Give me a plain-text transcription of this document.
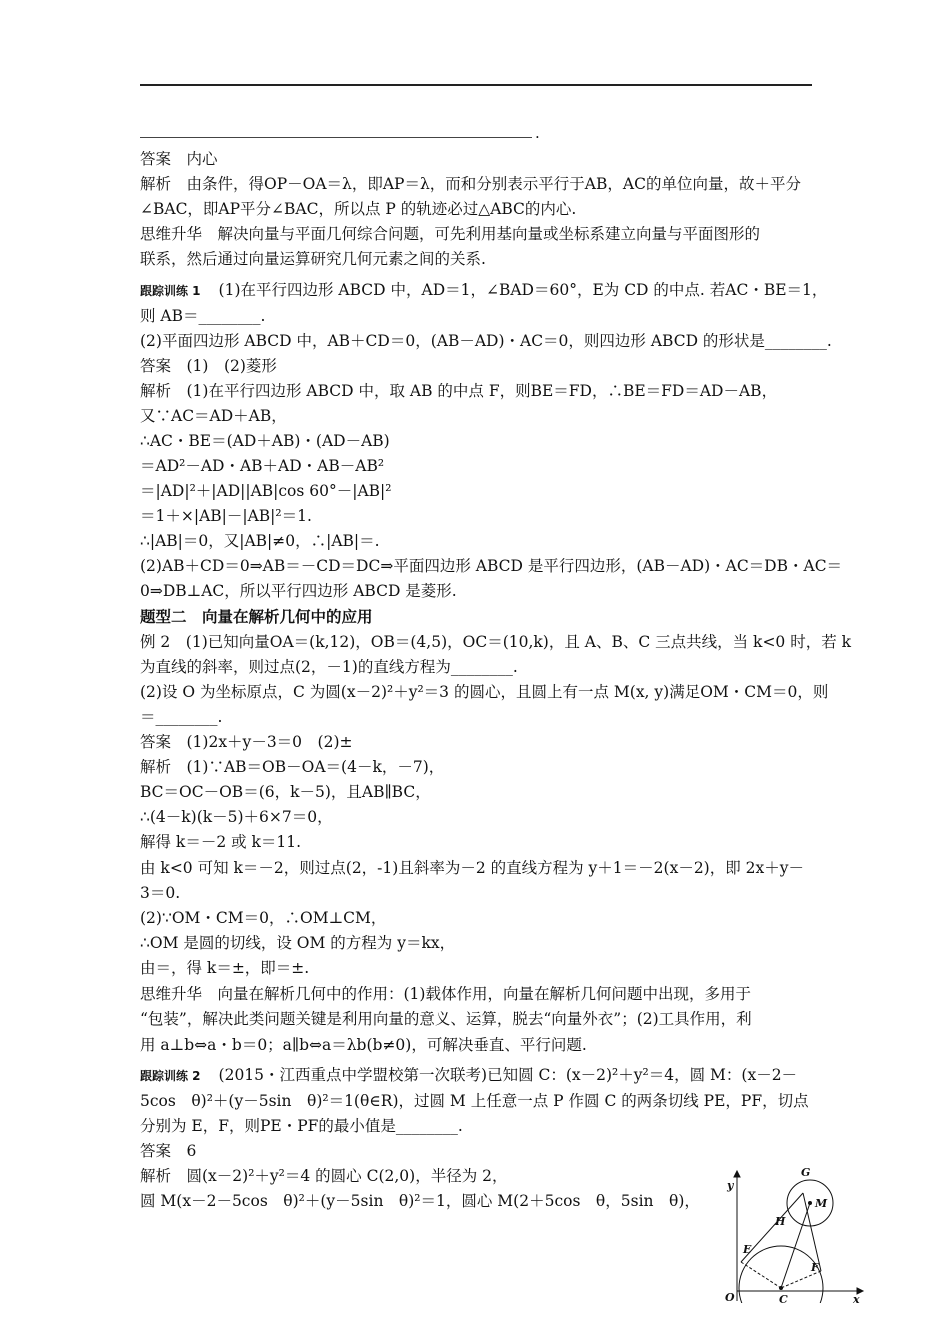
.
答案　内心
解析　由条件，得OP－OA＝λ，即AP＝λ，而和分别表示平行于AB，AC的单位向量，故＋平分
∠BAC，即AP平分∠BAC，所以点 P 的轨迹必过△ABC的内心.
思维升华　解决向量与平面几何综合问题，可先利用基向量或坐标系建立向量与平面图形的
联系，然后通过向量运算研究几何元素之间的关系.
跟踪训练 1 (1)在平行四边形 ABCD 中，AD＝1，∠BAD＝60°，E为 CD 的中点. 若AC・BE＝1，
则 AB＝________.
(2)平面四边形 ABCD 中，AB＋CD＝0，(AB－AD)・AC＝0，则四边形 ABCD 的形状是________.
答案　(1)　(2)菱形
解析　(1)在平行四边形 ABCD 中，取 AB 的中点 F，则BE＝FD，∴BE＝FD＝AD－AB，
又∵AC＝AD＋AB，
∴AC・BE＝(AD＋AB)・(AD－AB)
＝AD²－AD・AB＋AD・AB－AB²
＝|AD|²＋|AD||AB|cos 60°－|AB|²
＝1＋×|AB|－|AB|²＝1.
∴|AB|＝0，又|AB|≠0，∴|AB|＝.
(2)AB＋CD＝0⇒AB＝－CD＝DC⇒平面四边形 ABCD 是平行四边形，(AB－AD)・AC＝DB・AC＝
0⇒DB⊥AC，所以平行四边形 ABCD 是菱形.
题型二　向量在解析几何中的应用
例 2　(1)已知向量OA＝(k,12)，OB＝(4,5)，OC＝(10,k)，且 A、B、C 三点共线，当 k<0 时，若 k
为直线的斜率，则过点(2，－1)的直线方程为________.
(2)设 O 为坐标原点，C 为圆(x－2)²＋y²＝3 的圆心，且圆上有一点 M(x, y)满足OM・CM＝0，则
＝________.
答案　(1)2x＋y－3＝0　(2)±
解析　(1)∵AB＝OB－OA＝(4－k，－7)，
BC＝OC－OB＝(6，k－5)，且AB∥BC，
∴(4－k)(k－5)＋6×7＝0，
解得 k＝－2 或 k＝11.
由 k<0 可知 k＝－2，则过点(2，-1)且斜率为－2 的直线方程为 y＋1＝－2(x－2)，即 2x＋y－
3＝0.
(2)∵OM・CM＝0，∴OM⊥CM，
∴OM 是圆的切线，设 OM 的方程为 y＝kx，
由＝，得 k＝±，即＝±.
思维升华　向量在解析几何中的作用：(1)载体作用，向量在解析几何问题中出现，多用于
“包装”，解决此类问题关键是利用向量的意义、运算，脱去“向量外衣”；(2)工具作用，利
用 a⊥b⇔a・b＝0；a∥b⇔a＝λb(b≠0)，可解决垂直、平行问题.
跟踪训练 2 (2015・江西重点中学盟校第一次联考)已知圆 C：(x－2)²＋y²＝4，圆 M：(x－2－
5cos　θ)²＋(y－5sin　θ)²＝1(θ∈R)，过圆 M 上任意一点 P 作圆 C 的两条切线 PE，PF，切点
分别为 E，F，则PE・PF的最小值是________.
答案　6
解析　圆(x－2)²＋y²＝4 的圆心 C(2,0)，半径为 2，
圆 M(x－2－5cos　θ)²＋(y－5sin　θ)²＝1，圆心 M(2＋5cos　θ，5sin　θ)，
y
x
O	C
G
M
H
E
F
